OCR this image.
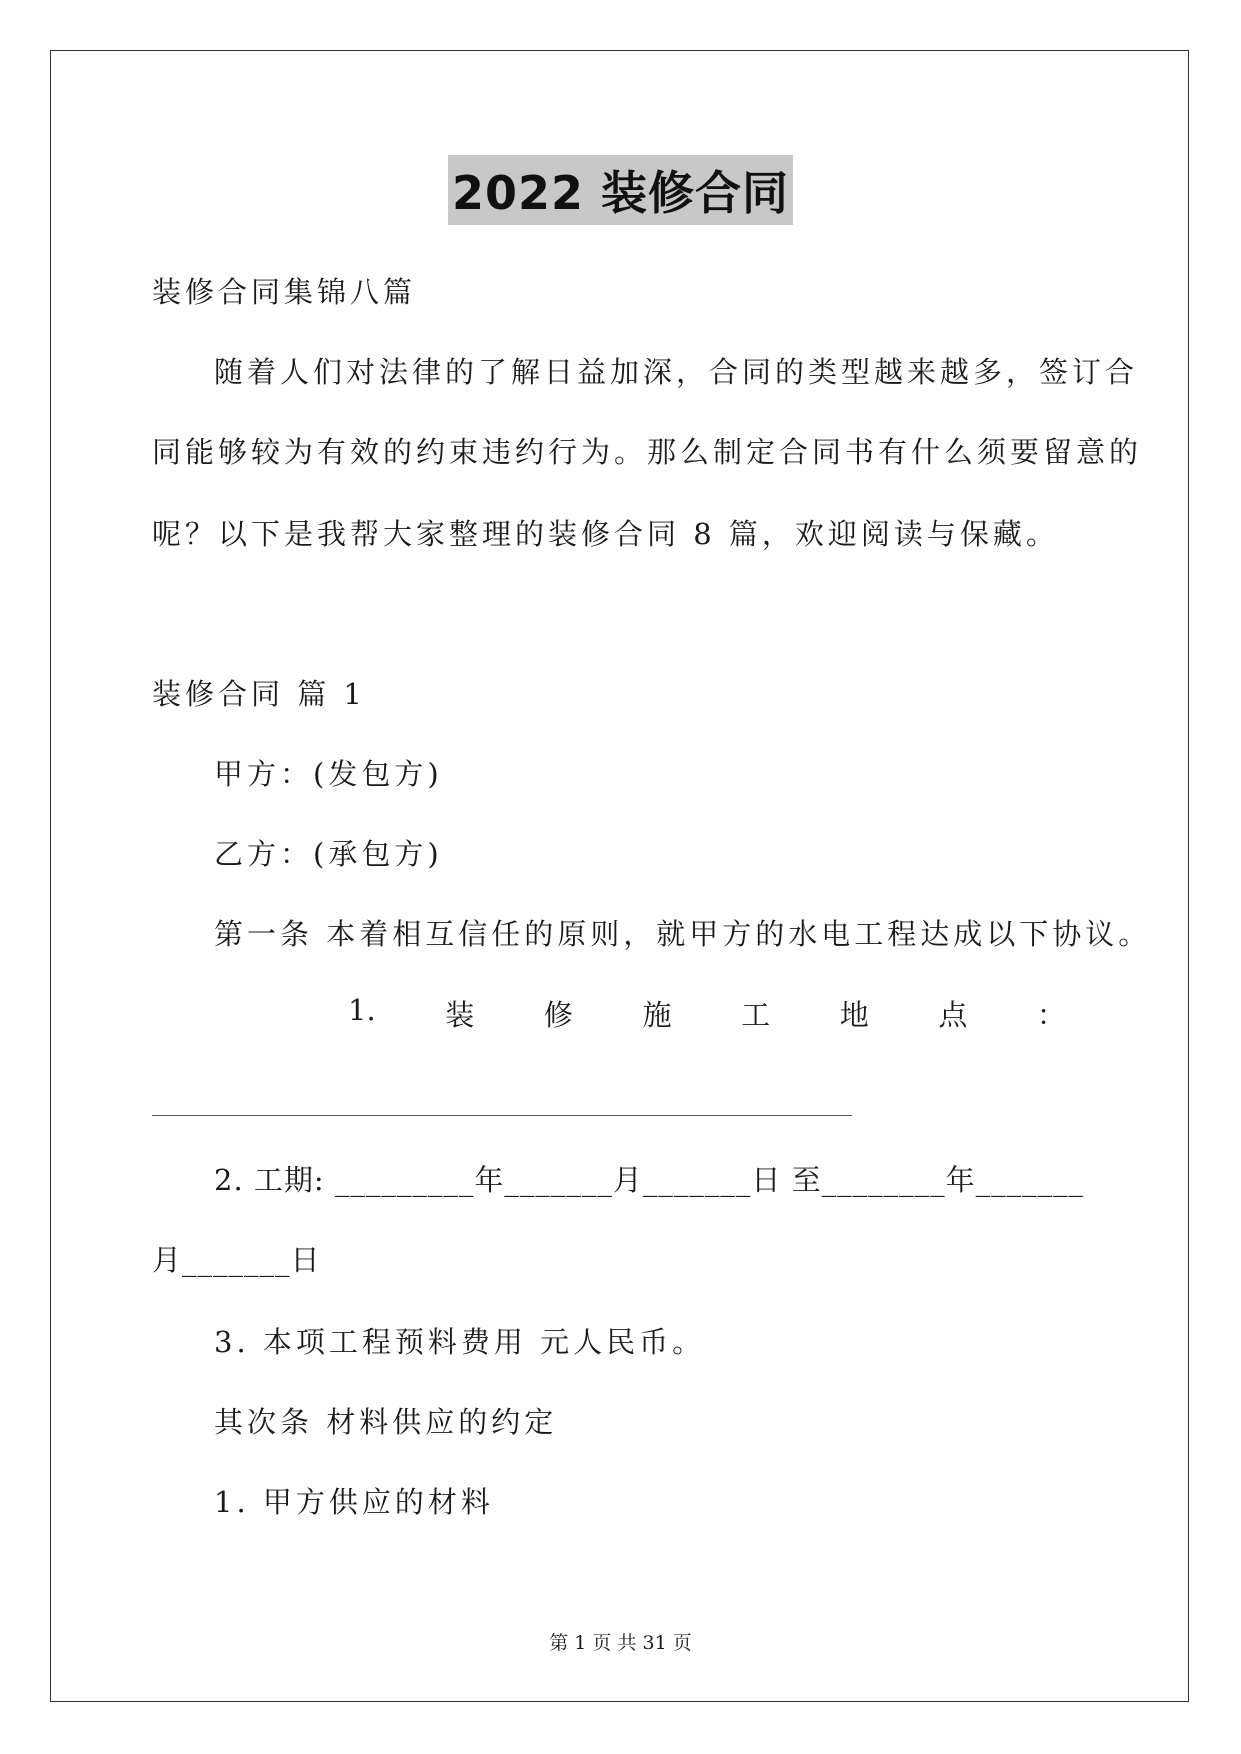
2022 装修合同
装修合同集锦八篇
随着人们对法律的了解日益加深，合同的类型越来越多，签订合
同能够较为有效的约束违约行为。那么制定合同书有什么须要留意的
呢？以下是我帮大家整理的装修合同 8 篇，欢迎阅读与保藏。
装修合同 篇 1
甲方：(发包方)
乙方：(承包方)
第一条 本着相互信任的原则，就甲方的水电工程达成以下协议。
1. 装 修 施 工 地 点 ：
2. 工期: _________年_______月_______日 至________年_______
月_______日
3. 本项工程预料费用 元人民币。
其次条 材料供应的约定
1. 甲方供应的材料
第 1 页 共 31 页
